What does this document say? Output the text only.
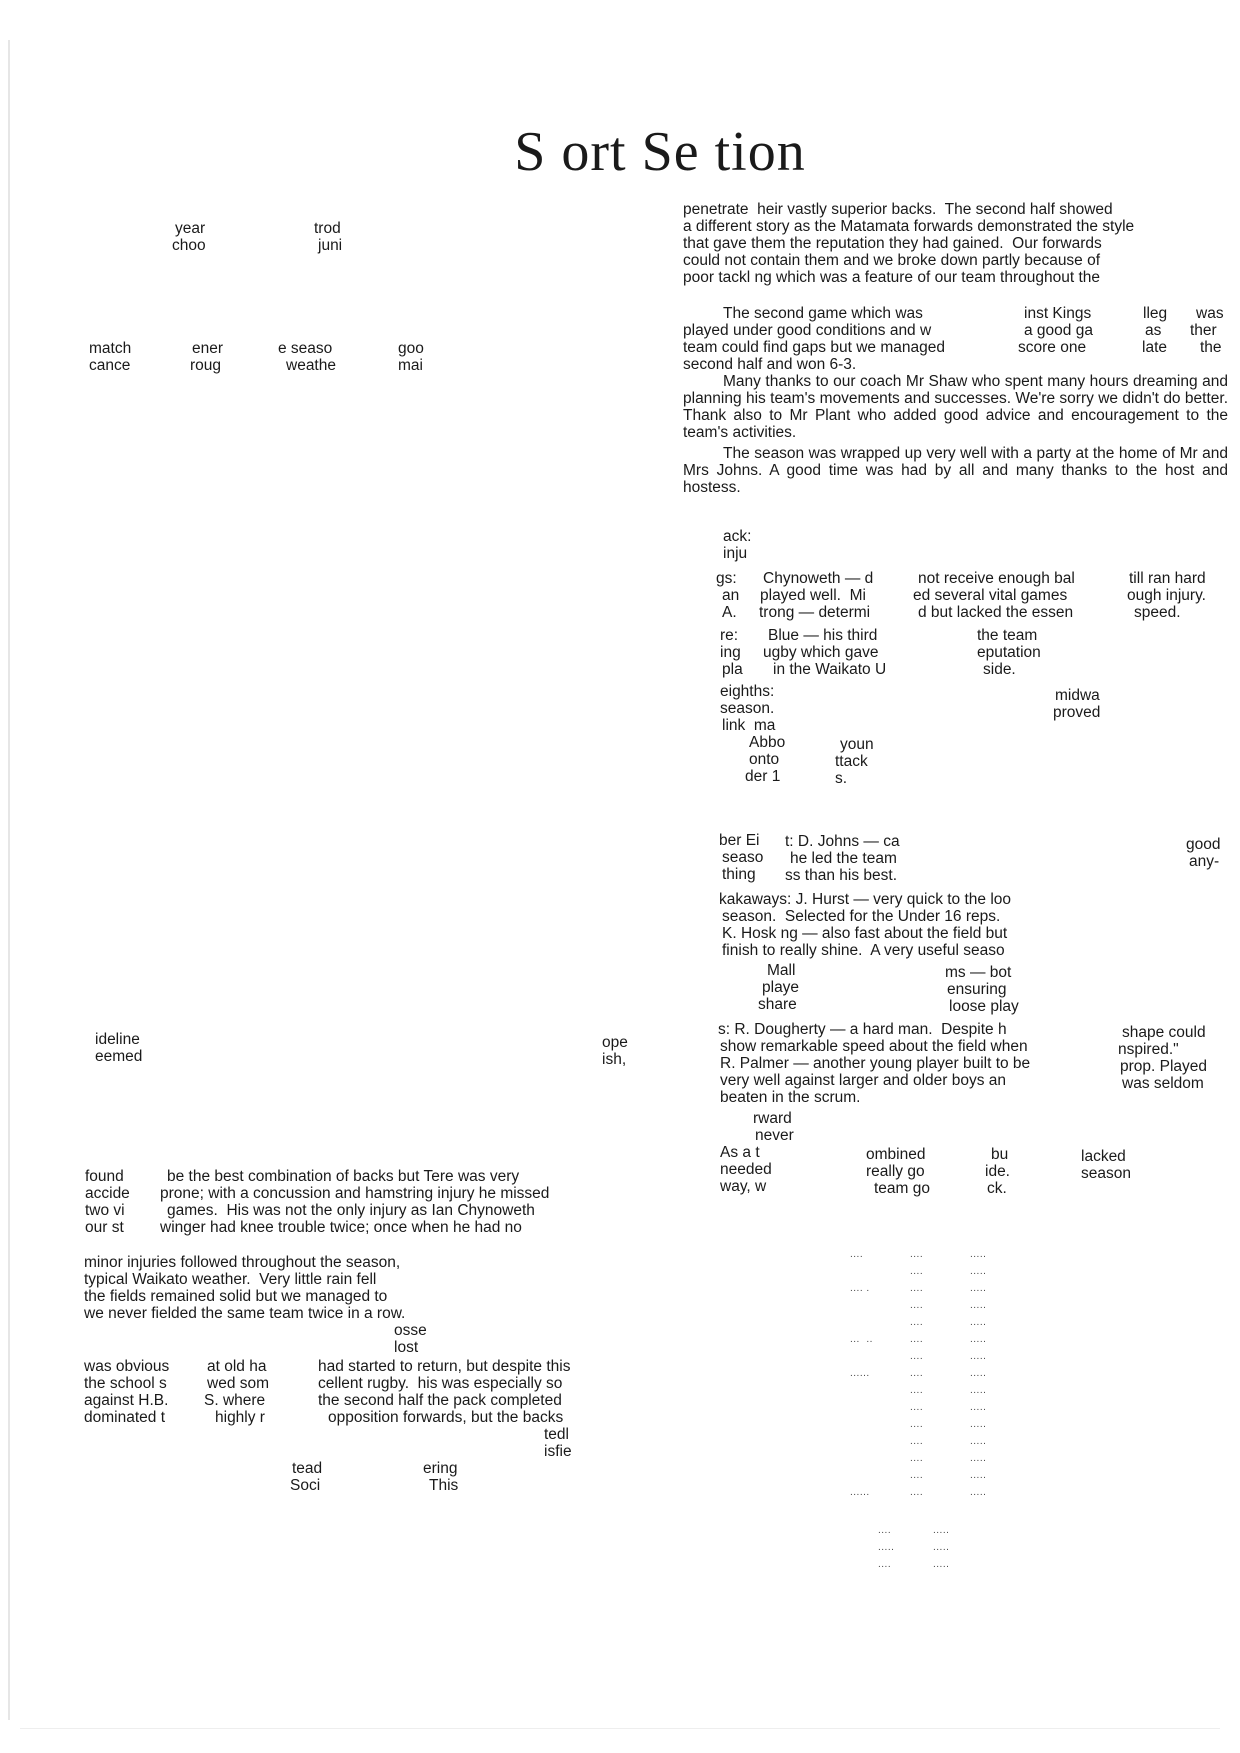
S ort Se tion
year
choo
trod
juni
match
cance
ener
roug
e seaso
weathe
goo
mai
ideline
eemed
ope
ish,
found	be the best combination of backs but Tere was very
accide prone; with a concussion and hamstring injury he missed
two vi	games.  His was not the only injury as Ian Chynoweth
our st winger had knee trouble twice; once when he had no
minor injuries followed throughout the season,
typical Waikato weather.  Very little rain fell
the fields remained solid but we managed to
we never fielded the same team twice in a row.
osse
lost
was obvious at old ha	had started to return, but despite this
the school s	wed som	cellent rugby.  his was especially so
against H.B. S. where	the second half the pack completed
dominated t	highly r	opposition forwards, but the backs
tedl
isfie
tead
Soci
ering
This
penetrate  heir vastly superior backs.  The second half showed
a different story as the Matamata forwards demonstrated the style
that gave them the reputation they had gained.  Our forwards
could not contain them and we broke down partly because of
poor tackl ng which was a feature of our team throughout the
The second game which was	inst Kings	lleg was
played under good conditions and w	a good ga	as ther
team could find gaps but we managed	score one	late the
second half and won 6-3.

Many thanks to our coach Mr Shaw who spent many hours dreaming and planning his team's movements and successes. We're sorry we didn't do better. Thank also to Mr Plant who added good advice and encouragement to the team's activities.

The season was wrapped up very well with a party at the home of Mr and Mrs Johns. A good time was had by all and many thanks to the host and hostess.

ack:
inju
gs: Chynoweth — d	not receive enough bal	till ran hard
an played well.  Mi	ed several vital games	ough injury.
A. trong — determi	d but lacked the essen	speed.
re: Blue — his third	the team
ing ugby which gave	eputation
pla in the Waikato U	side.
eighths:
season.
link  ma
midwa
proved
Abbo	youn
onto	ttack
der 1	s.
ber Ei t: D. Johns — ca	good
seaso he led the team	any-
thing ss than his best.
kakaways: J. Hurst — very quick to the loo
season.  Selected for the Under 16 reps.
K. Hosk ng — also fast about the field but
finish to really shine.  A very useful seaso
Mall	ms — bot
playe	ensuring
share	loose play
s: R. Dougherty — a hard man.  Despite h	shape could
show remarkable speed about the field when	nspired."
R. Palmer — another young player built to be	prop. Played
very well against larger and older boys an	was seldom
beaten in the scrum.
rward
never
As a t	ombined	bu	lacked
needed	really go	ide.	season
way, w	team go	ck.
....	....	.....
....	.....
.... .	....	.....
....	.....
....	.....
...  ..	....	.....
....	.....
......	....	.....
....	.....
....	.....
....	.....
....	.....
....	.....
....	.....
......	....	.....
....	.....
.....	.....
....	.....
